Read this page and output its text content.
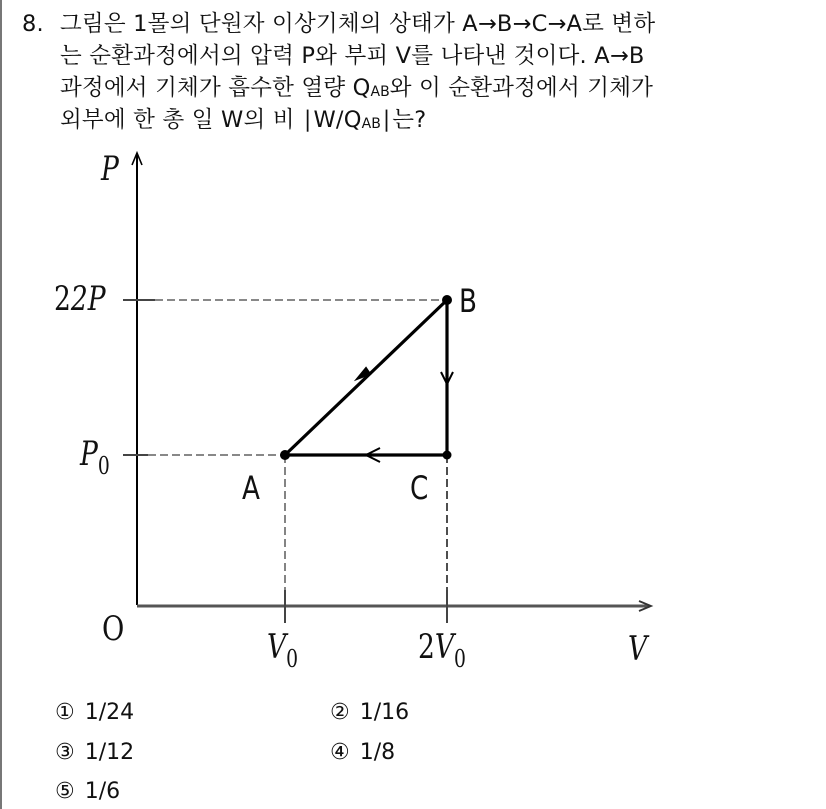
8. 그림은 1몰의 단원자 이상기체의 상태가 A→B→C→A로 변하
는 순환과정에서의 압력 P와 부피 V를 나타낸 것이다. A→B
과정에서 기체가 흡수한 열량 QAB와 이 순환과정에서 기체가
외부에 한 총 일 W의 비 ∣W/QAB∣는?
P
22P
$P_0$
O	$V_0$	$2V_0$	V
A
B
C
① 1/24	② 1/16
③ 1/12	④ 1/8
⑤ 1/6
